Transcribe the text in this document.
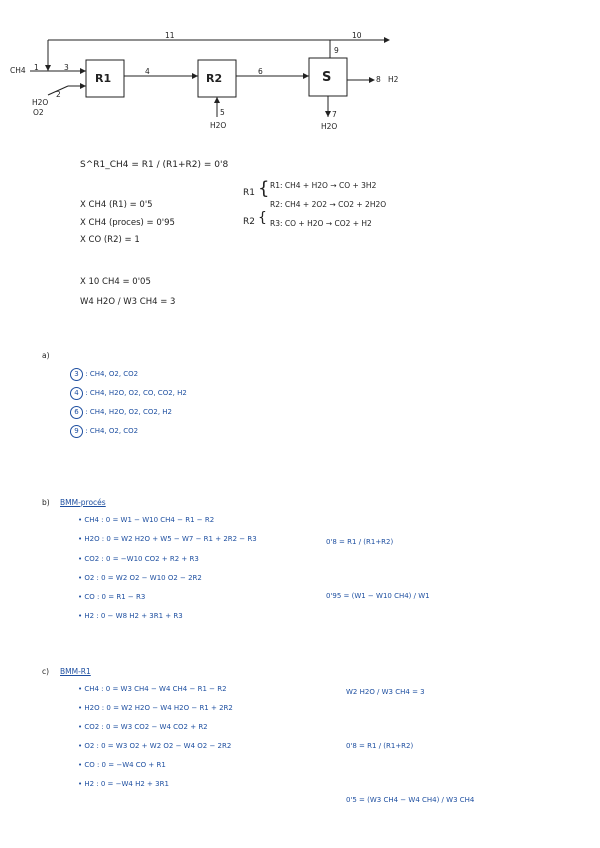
R1	R2	S
CH4 1	3
2
H2O
O2
4	6
5
H2O
7
H2O
8 H2
9
10
11
S^R1_CH4 = R1 / (R1+R2) = 0'8
X CH4 (R1) = 0'5
X CH4 (proces) = 0'95
X CO (R2) = 1
X 10 CH4 = 0'05
W4 H2O / W3 CH4 = 3
R1
R2
{
{
R1: CH4 + H2O → CO + 3H2
R2: CH4 + 2O2 → CO2 + 2H2O
R3: CO + H2O → CO2 + H2
a)
3 : CH4, O2, CO2
4 : CH4, H2O, O2, CO, CO2, H2
6 : CH4, H2O, O2, CO2, H2
9 : CH4, O2, CO2
b) BMM-procés
• CH4 : 0 = W1 − W10 CH4 − R1 − R2
• H2O : 0 = W2 H2O + W5 − W7 − R1 + 2R2 − R3
• CO2 : 0 = −W10 CO2 + R2 + R3
• O2 : 0 = W2 O2 − W10 O2 − 2R2
• CO : 0 = R1 − R3
• H2 : 0 − W8 H2 + 3R1 + R3
0'8 = R1 / (R1+R2)
0'95 = (W1 − W10 CH4) / W1
c) BMM-R1
• CH4 : 0 = W3 CH4 − W4 CH4 − R1 − R2
• H2O : 0 = W2 H2O − W4 H2O − R1 + 2R2
• CO2 : 0 = W3 CO2 − W4 CO2 + R2
• O2 : 0 = W3 O2 + W2 O2 − W4 O2 − 2R2
• CO : 0 = −W4 CO + R1
• H2 : 0 = −W4 H2 + 3R1
W2 H2O / W3 CH4 = 3
0'8 = R1 / (R1+R2)
0'5 = (W3 CH4 − W4 CH4) / W3 CH4
